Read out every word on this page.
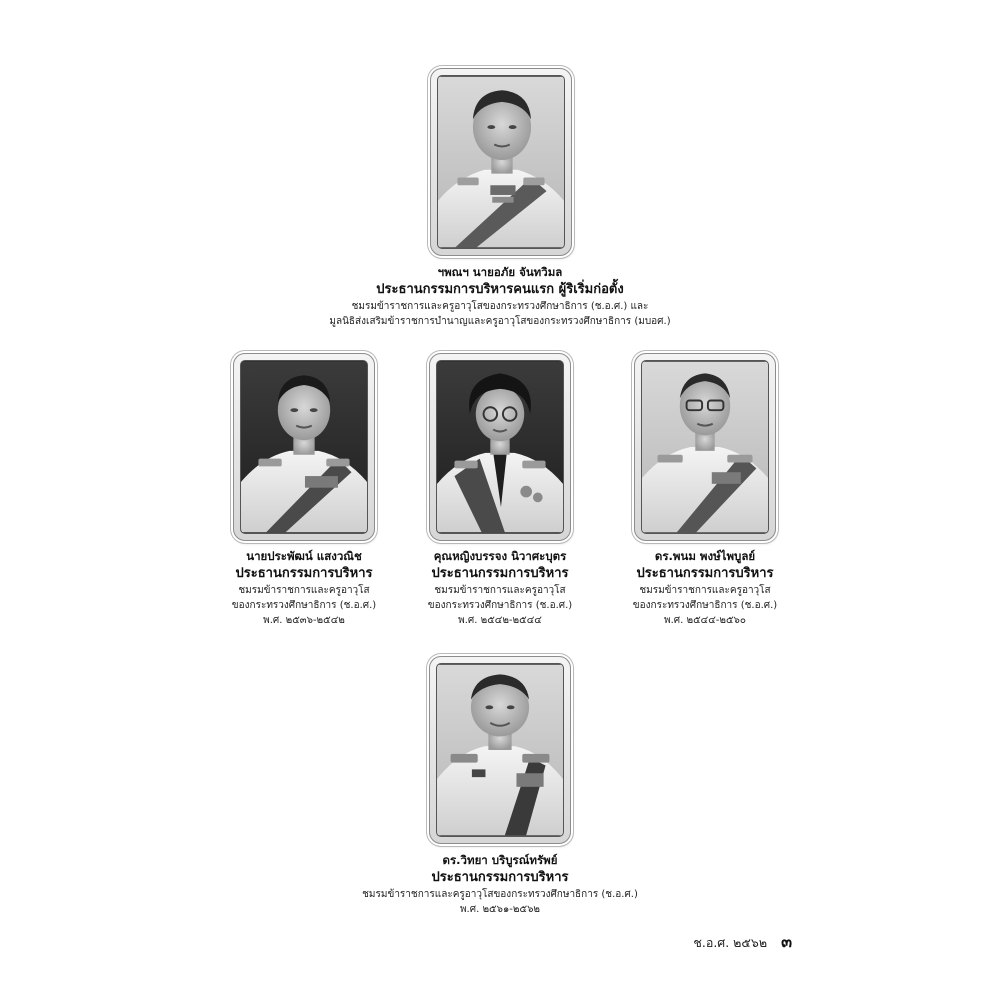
ฯพณฯ นายอภัย จันทวิมล
ประธานกรรมการบริหารคนแรก ผู้ริเริ่มก่อตั้ง
ชมรมข้าราชการและครูอาวุโสของกระทรวงศึกษาธิการ (ช.อ.ศ.) และ
มูลนิธิส่งเสริมข้าราชการบำนาญและครูอาวุโสของกระทรวงศึกษาธิการ (มบอศ.)
นายประพัฒน์ แสงวณิช
ประธานกรรมการบริหาร
ชมรมข้าราชการและครูอาวุโส
ของกระทรวงศึกษาธิการ (ช.อ.ศ.)
พ.ศ. ๒๕๓๖-๒๕๔๒
คุณหญิงบรรจง นิวาศะบุตร
ประธานกรรมการบริหาร
ชมรมข้าราชการและครูอาวุโส
ของกระทรวงศึกษาธิการ (ช.อ.ศ.)
พ.ศ. ๒๕๔๒-๒๕๔๔
ดร.พนม พงษ์ไพบูลย์
ประธานกรรมการบริหาร
ชมรมข้าราชการและครูอาวุโส
ของกระทรวงศึกษาธิการ (ช.อ.ศ.)
พ.ศ. ๒๕๔๔-๒๕๖๐
ดร.วิทยา บริบูรณ์ทรัพย์
ประธานกรรมการบริหาร
ชมรมข้าราชการและครูอาวุโสของกระทรวงศึกษาธิการ (ช.อ.ศ.)
พ.ศ. ๒๕๖๑-๒๕๖๒
ช.อ.ศ. ๒๕๖๒ ๓
